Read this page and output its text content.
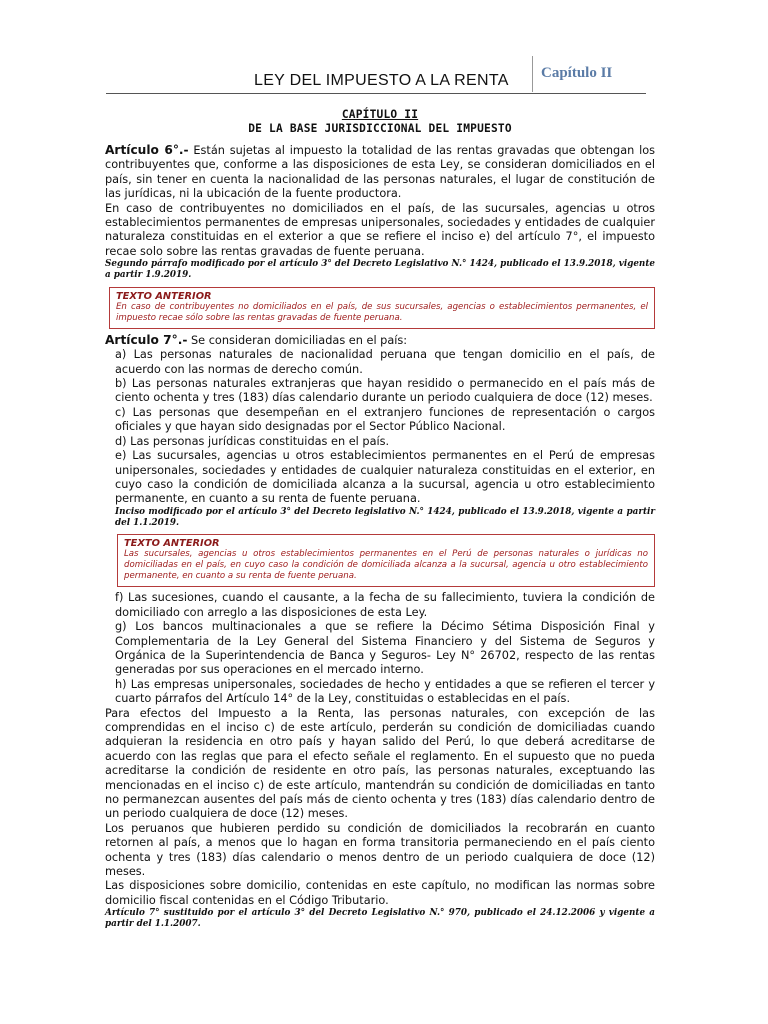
LEY DEL IMPUESTO A LA RENTA	Capítulo II
CAPÍTULO II
DE LA BASE JURISDICCIONAL DEL IMPUESTO

Artículo 6°.- Están sujetas al impuesto la totalidad de las rentas gravadas que obtengan los contribuyentes que, conforme a las disposiciones de esta Ley, se consideran domiciliados en el país, sin tener en cuenta la nacionalidad de las personas naturales, el lugar de constitución de las jurídicas, ni la ubicación de la fuente productora.

En caso de contribuyentes no domiciliados en el país, de las sucursales, agencias u otros establecimientos permanentes de empresas unipersonales, sociedades y entidades de cualquier naturaleza constituidas en el exterior a que se refiere el inciso e) del artículo 7°, el impuesto recae solo sobre las rentas gravadas de fuente peruana.

Segundo párrafo modificado por el artículo 3° del Decreto Legislativo N.° 1424, publicado el 13.9.2018, vigente a partir 1.9.2019.

TEXTO ANTERIOR
En caso de contribuyentes no domiciliados en el país, de sus sucursales, agencias o establecimientos permanentes, el impuesto recae sólo sobre las rentas gravadas de fuente peruana.

Artículo 7°.- Se consideran domiciliadas en el país:

a) Las personas naturales de nacionalidad peruana que tengan domicilio en el país, de acuerdo con las normas de derecho común.

b) Las personas naturales extranjeras que hayan residido o permanecido en el país más de ciento ochenta y tres (183) días calendario durante un periodo cualquiera de doce (12) meses.

c) Las personas que desempeñan en el extranjero funciones de representación o cargos oficiales y que hayan sido designadas por el Sector Público Nacional.

d) Las personas jurídicas constituidas en el país.

e) Las sucursales, agencias u otros establecimientos permanentes en el Perú de empresas unipersonales, sociedades y entidades de cualquier naturaleza constituidas en el exterior, en cuyo caso la condición de domiciliada alcanza a la sucursal, agencia u otro establecimiento permanente, en cuanto a su renta de fuente peruana.

Inciso modificado por el artículo 3° del Decreto legislativo N.° 1424, publicado el 13.9.2018, vigente a partir del 1.1.2019.

TEXTO ANTERIOR
Las sucursales, agencias u otros establecimientos permanentes en el Perú de personas naturales o jurídicas no domiciliadas en el país, en cuyo caso la condición de domiciliada alcanza a la sucursal, agencia u otro establecimiento permanente, en cuanto a su renta de fuente peruana.

f) Las sucesiones, cuando el causante, a la fecha de su fallecimiento, tuviera la condición de domiciliado con arreglo a las disposiciones de esta Ley.

g) Los bancos multinacionales a que se refiere la Décimo Sétima Disposición Final y Complementaria de la Ley General del Sistema Financiero y del Sistema de Seguros y Orgánica de la Superintendencia de Banca y Seguros- Ley N° 26702, respecto de las rentas generadas por sus operaciones en el mercado interno.

h) Las empresas unipersonales, sociedades de hecho y entidades a que se refieren el tercer y cuarto párrafos del Artículo 14° de la Ley, constituidas o establecidas en el país.

Para efectos del Impuesto a la Renta, las personas naturales, con excepción de las comprendidas en el inciso c) de este artículo, perderán su condición de domiciliadas cuando adquieran la residencia en otro país y hayan salido del Perú, lo que deberá acreditarse de acuerdo con las reglas que para el efecto señale el reglamento. En el supuesto que no pueda acreditarse la condición de residente en otro país, las personas naturales, exceptuando las mencionadas en el inciso c) de este artículo, mantendrán su condición de domiciliadas en tanto no permanezcan ausentes del país más de ciento ochenta y tres (183) días calendario dentro de un periodo cualquiera de doce (12) meses.

Los peruanos que hubieren perdido su condición de domiciliados la recobrarán en cuanto retornen al país, a menos que lo hagan en forma transitoria permaneciendo en el país ciento ochenta y tres (183) días calendario o menos dentro de un periodo cualquiera de doce (12) meses.

Las disposiciones sobre domicilio, contenidas en este capítulo, no modifican las normas sobre domicilio fiscal contenidas en el Código Tributario.

Artículo 7° sustituido por el artículo 3° del Decreto Legislativo N.° 970, publicado el 24.12.2006 y vigente a partir del 1.1.2007.
